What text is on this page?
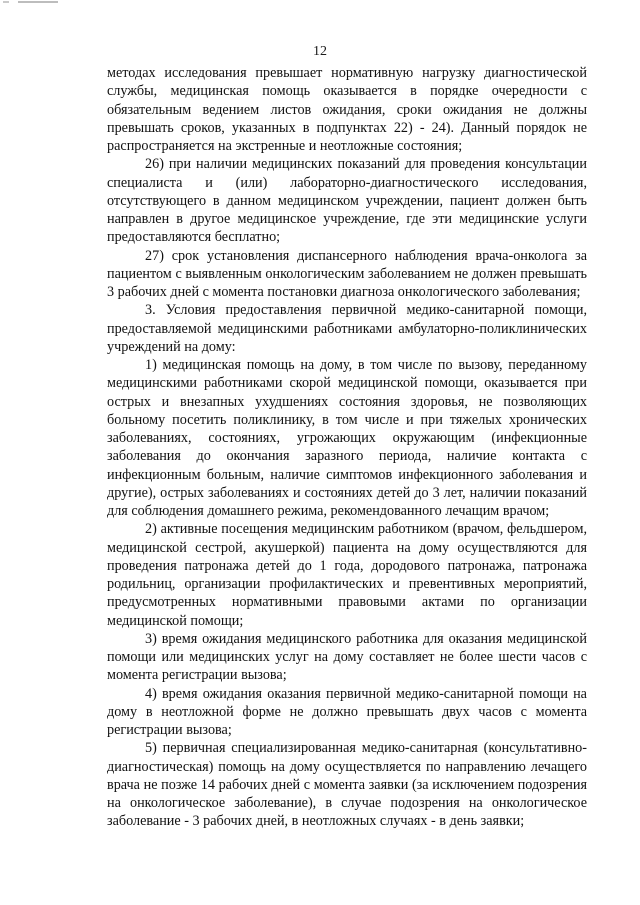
12

методах исследования превышает нормативную нагрузку диагностической службы, медицинская помощь оказывается в порядке очередности с обязательным ведением листов ожидания, сроки ожидания не должны превышать сроков, указанных в подпунктах 22) - 24). Данный порядок не распространяется на экстренные и неотложные состояния;

26) при наличии медицинских показаний для проведения консультации специалиста и (или) лабораторно-диагностического исследования, отсутствующего в данном медицинском учреждении, пациент должен быть направлен в другое медицинское учреждение, где эти медицинские услуги предоставляются бесплатно;

27) срок установления диспансерного наблюдения врача-онколога за пациентом с выявленным онкологическим заболеванием не должен превышать 3 рабочих дней с момента постановки диагноза онкологического заболевания;

3. Условия предоставления первичной медико-санитарной помощи, предоставляемой медицинскими работниками амбулаторно-поликлинических учреждений на дому:

1) медицинская помощь на дому, в том числе по вызову, переданному медицинскими работниками скорой медицинской помощи, оказывается при острых и внезапных ухудшениях состояния здоровья, не позволяющих больному посетить поликлинику, в том числе и при тяжелых хронических заболеваниях, состояниях, угрожающих окружающим (инфекционные заболевания до окончания заразного периода, наличие контакта с инфекционным больным, наличие симптомов инфекционного заболевания и другие), острых заболеваниях и состояниях детей до 3 лет, наличии показаний для соблюдения домашнего режима, рекомендованного лечащим врачом;

2) активные посещения медицинским работником (врачом, фельдшером, медицинской сестрой, акушеркой) пациента на дому осуществляются для проведения патронажа детей до 1 года, дородового патронажа, патронажа родильниц, организации профилактических и превентивных мероприятий, предусмотренных нормативными правовыми актами по организации медицинской помощи;

3) время ожидания медицинского работника для оказания медицинской помощи или медицинских услуг на дому составляет не более шести часов с момента регистрации вызова;

4) время ожидания оказания первичной медико-санитарной помощи на дому в неотложной форме не должно превышать двух часов с момента регистрации вызова;

5) первичная специализированная медико-санитарная (консультативно-диагностическая) помощь на дому осуществляется по направлению лечащего врача не позже 14 рабочих дней с момента заявки (за исключением подозрения на онкологическое заболевание), в случае подозрения на онкологическое заболевание - 3 рабочих дней, в неотложных случаях - в день заявки;
